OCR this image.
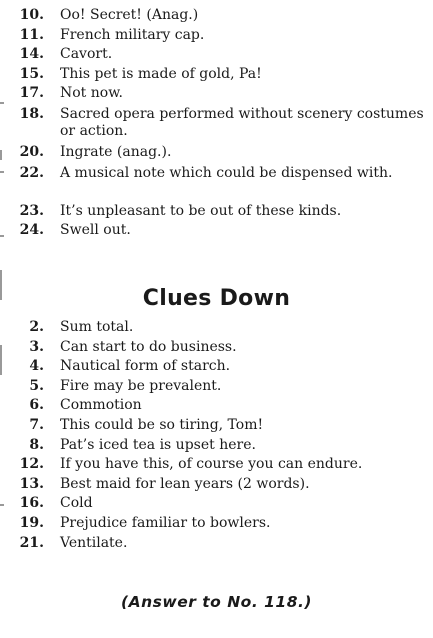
10. Oo! Secret! (Anag.)
11. French military cap.
14. Cavort.
15. This pet is made of gold, Pa!
17. Not now.
18. Sacred opera performed without scenery costumes or action.
20. Ingrate (anag.).
22. A musical note which could be dispensed with.
23. It’s unpleasant to be out of these kinds.
24. Swell out.
Clues Down
2. Sum total.
3. Can start to do business.
4. Nautical form of starch.
5. Fire may be prevalent.
6. Commotion
7. This could be so tiring, Tom!
8. Pat’s iced tea is upset here.
12. If you have this, of course you can endure.
13. Best maid for lean years (2 words).
16. Cold
19. Prejudice familiar to bowlers.
21. Ventilate.
(Answer to No. 118.)
